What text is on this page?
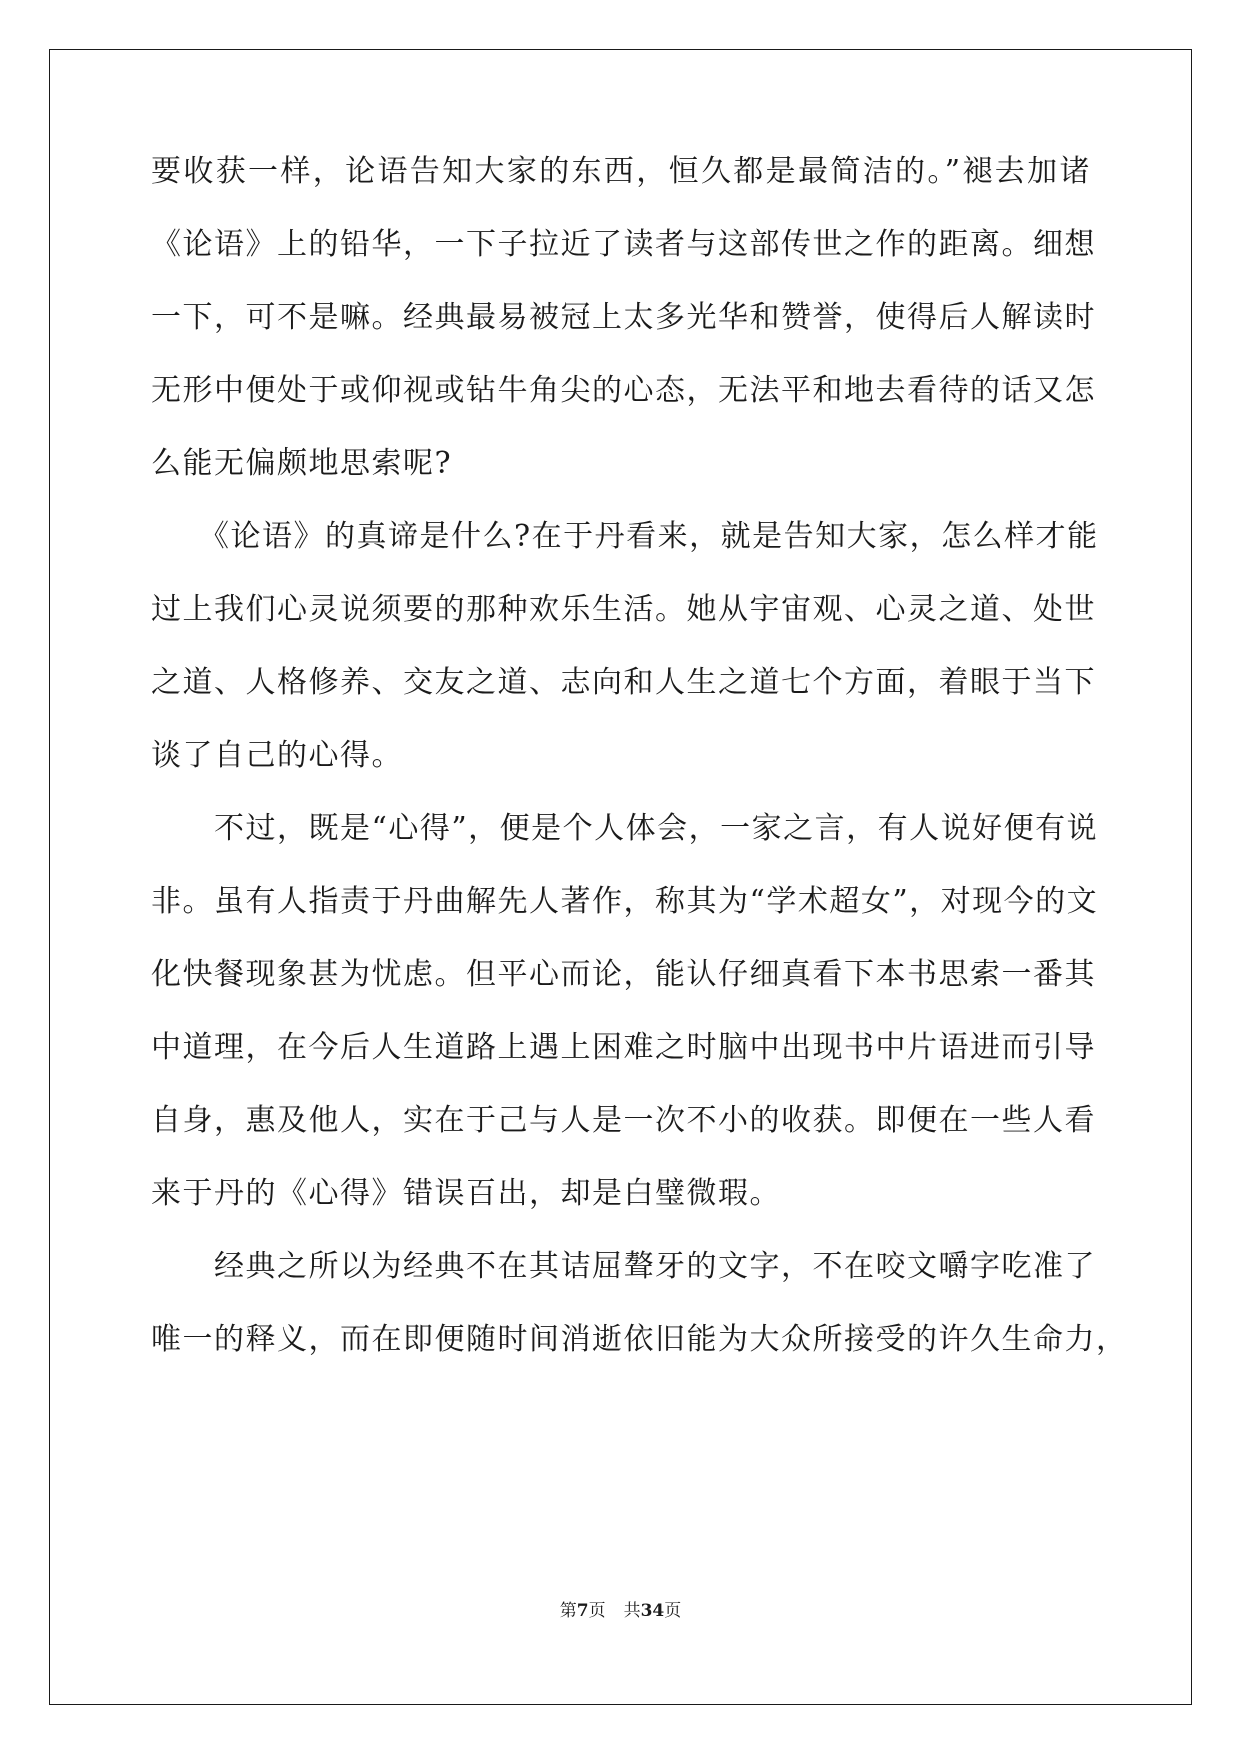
要收获一样，论语告知大家的东西，恒久都是最简洁的。”褪去加诸
《论语》上的铅华，一下子拉近了读者与这部传世之作的距离。细想
一下，可不是嘛。经典最易被冠上太多光华和赞誉，使得后人解读时
无形中便处于或仰视或钻牛角尖的心态，无法平和地去看待的话又怎
么能无偏颇地思索呢?
　　《论语》的真谛是什么?在于丹看来，就是告知大家，怎么样才能
过上我们心灵说须要的那种欢乐生活。她从宇宙观、心灵之道、处世
之道、人格修养、交友之道、志向和人生之道七个方面，着眼于当下
谈了自己的心得。
　　不过，既是“心得”，便是个人体会，一家之言，有人说好便有说
非。虽有人指责于丹曲解先人著作，称其为“学术超女”，对现今的文
化快餐现象甚为忧虑。但平心而论，能认仔细真看下本书思索一番其
中道理，在今后人生道路上遇上困难之时脑中出现书中片语进而引导
自身，惠及他人，实在于己与人是一次不小的收获。即便在一些人看
来于丹的《心得》错误百出，却是白璧微瑕。
　　经典之所以为经典不在其诘屈聱牙的文字，不在咬文嚼字吃准了
唯一的释义，而在即便随时间消逝依旧能为大众所接受的许久生命力，
第7页 共34页
